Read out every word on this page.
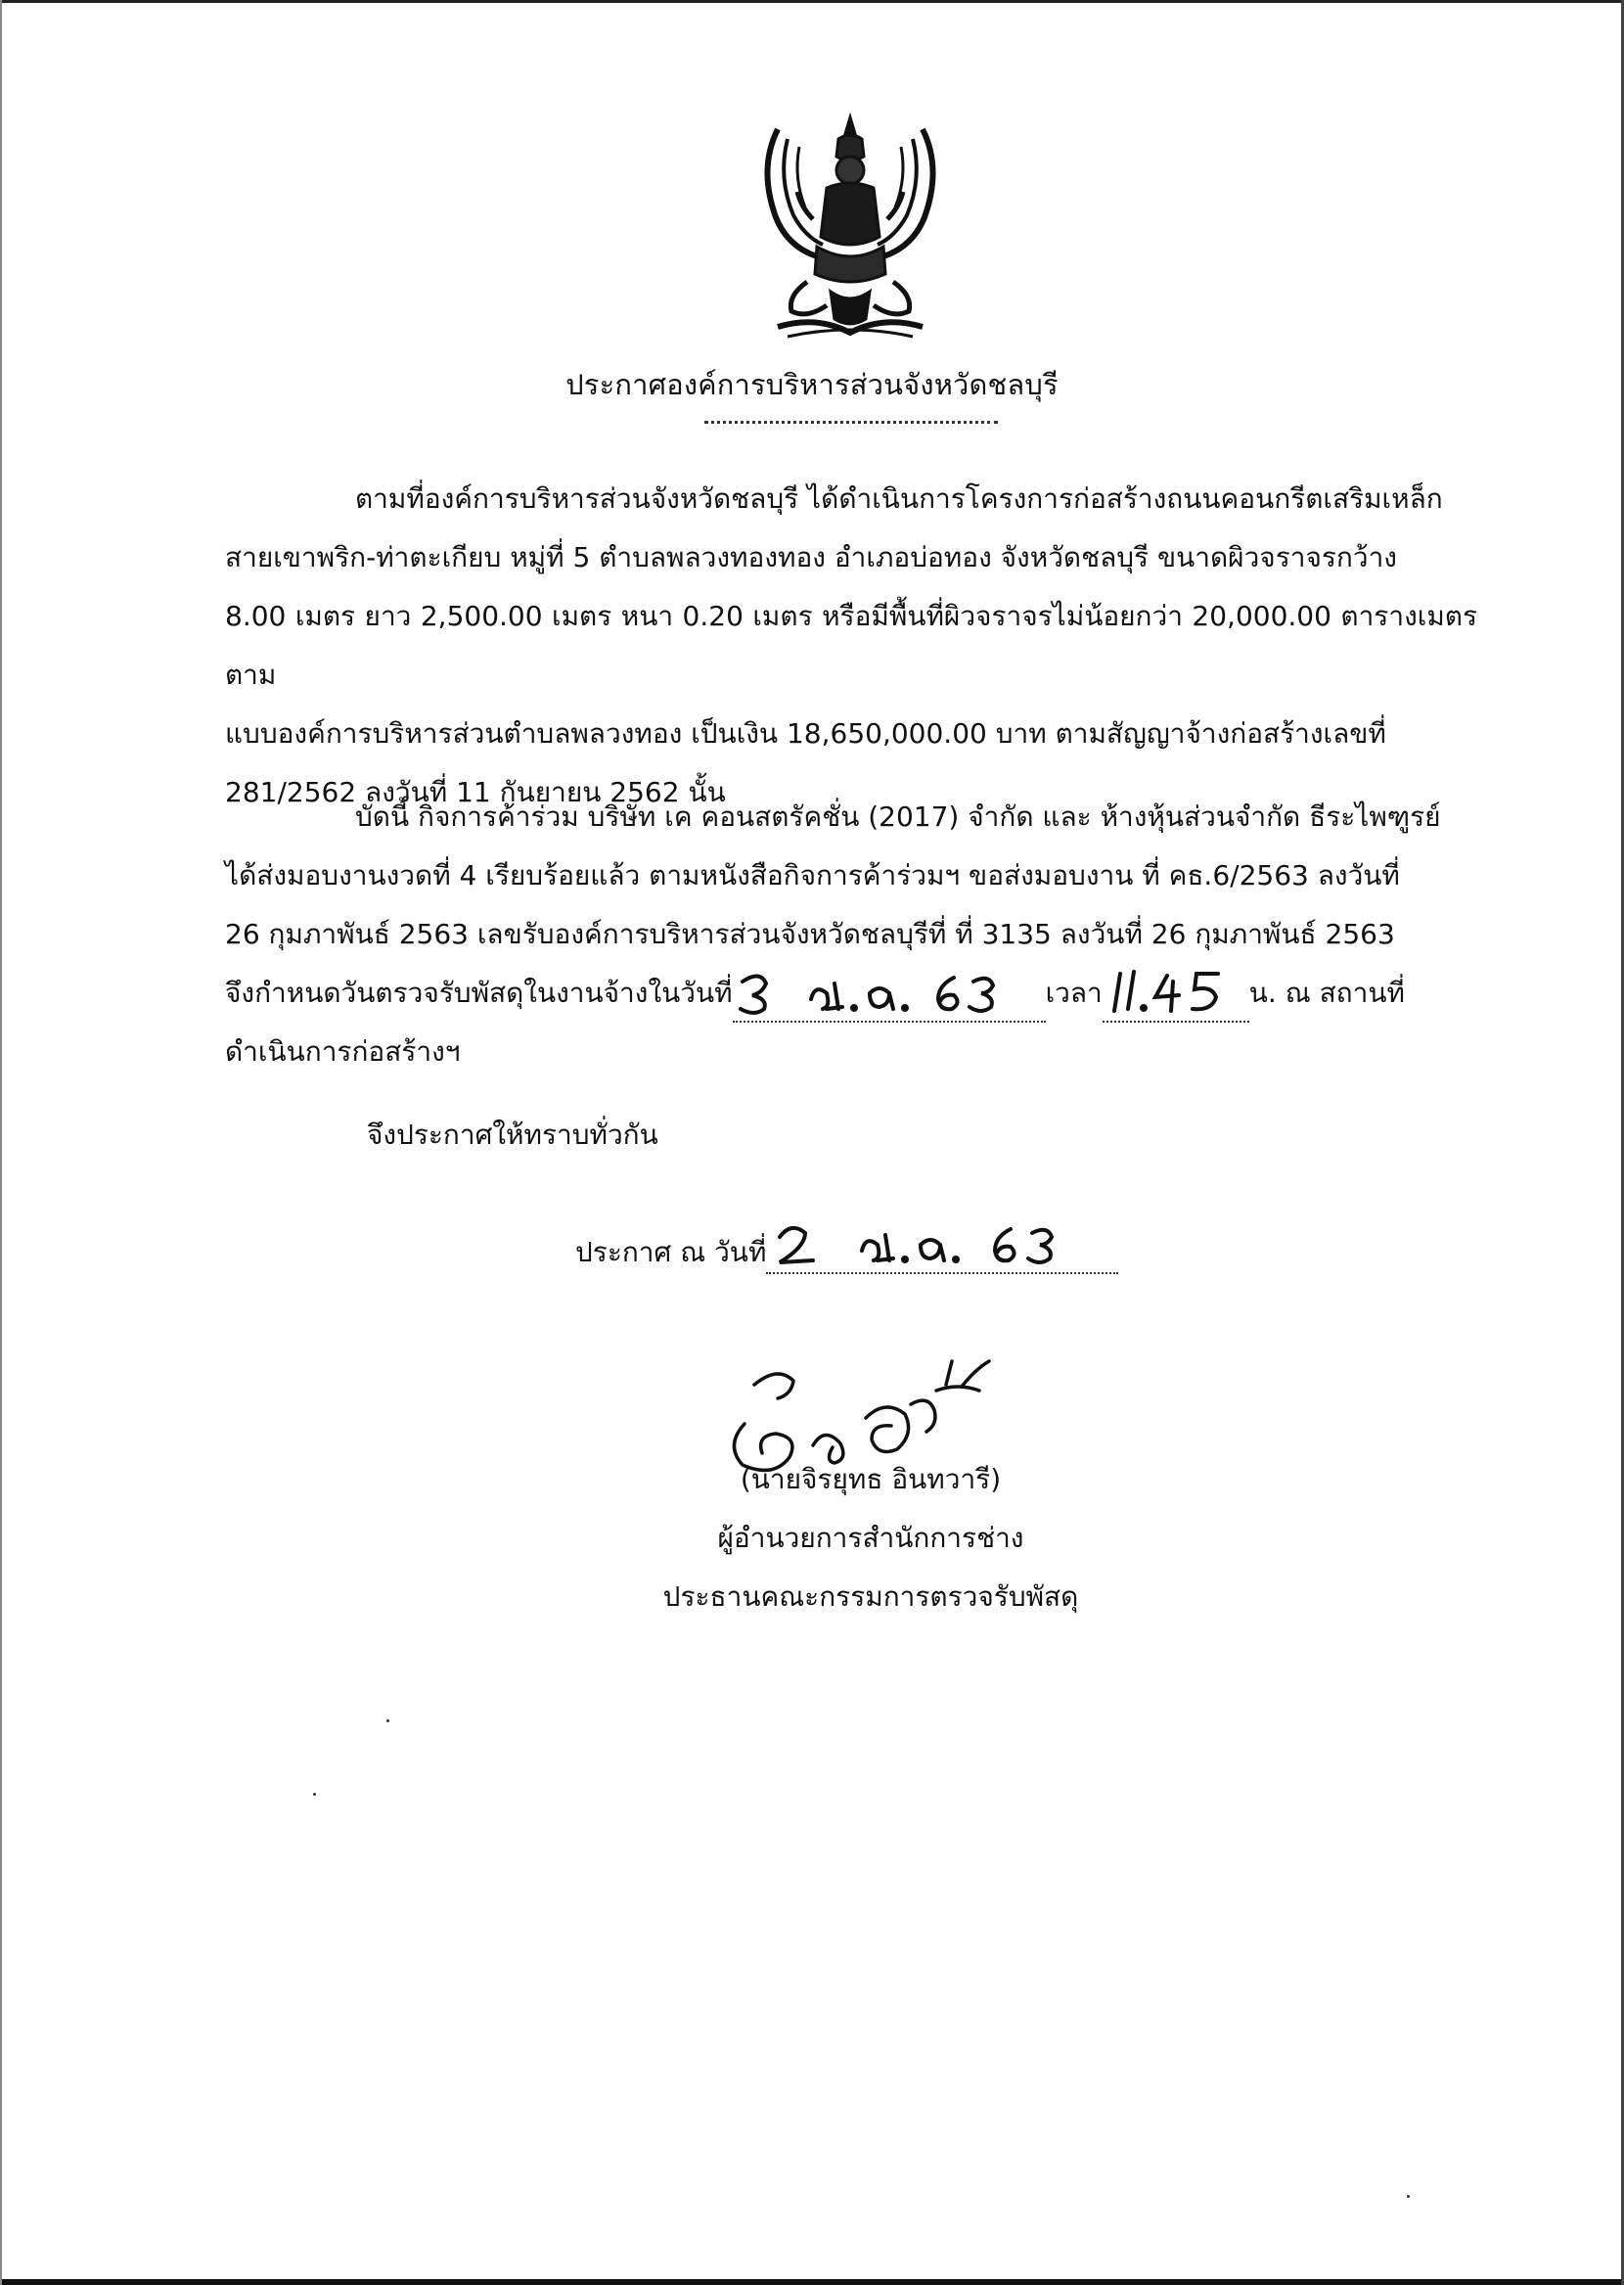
ประกาศองค์การบริหารส่วนจังหวัดชลบุรี
ตามที่องค์การบริหารส่วนจังหวัดชลบุรี ได้ดำเนินการโครงการก่อสร้างถนนคอนกรีตเสริมเหล็ก
สายเขาพริก-ท่าตะเกียบ หมู่ที่ 5 ตำบลพลวงทองทอง อำเภอบ่อทอง จังหวัดชลบุรี ขนาดผิวจราจรกว้าง
8.00 เมตร ยาว 2,500.00 เมตร หนา 0.20 เมตร หรือมีพื้นที่ผิวจราจรไม่น้อยกว่า 20,000.00 ตารางเมตร ตาม
แบบองค์การบริหารส่วนตำบลพลวงทอง เป็นเงิน 18,650,000.00 บาท ตามสัญญาจ้างก่อสร้างเลขที่
281/2562 ลงวันที่ 11 กันยายน 2562 นั้น
บัดนี้ กิจการค้าร่วม บริษัท เค คอนสตรัคชั่น (2017) จำกัด และ ห้างหุ้นส่วนจำกัด ธีระไพฑูรย์
ได้ส่งมอบงานงวดที่ 4 เรียบร้อยแล้ว ตามหนังสือกิจการค้าร่วมฯ ขอส่งมอบงาน ที่ คธ.6/2563 ลงวันที่
26 กุมภาพันธ์ 2563 เลขรับองค์การบริหารส่วนจังหวัดชลบุรีที่ ที่ 3135 ลงวันที่ 26 กุมภาพันธ์ 2563
จึงกำหนดวันตรวจรับพัสดุในงานจ้างในวันที่	เวลา	น. ณ สถานที่
ดำเนินการก่อสร้างฯ
จึงประกาศให้ทราบทั่วกัน
ประกาศ ณ วันที่
(นายจิรยุทธ อินทวารี)
ผู้อำนวยการสำนักการช่าง
ประธานคณะกรรมการตรวจรับพัสดุ
